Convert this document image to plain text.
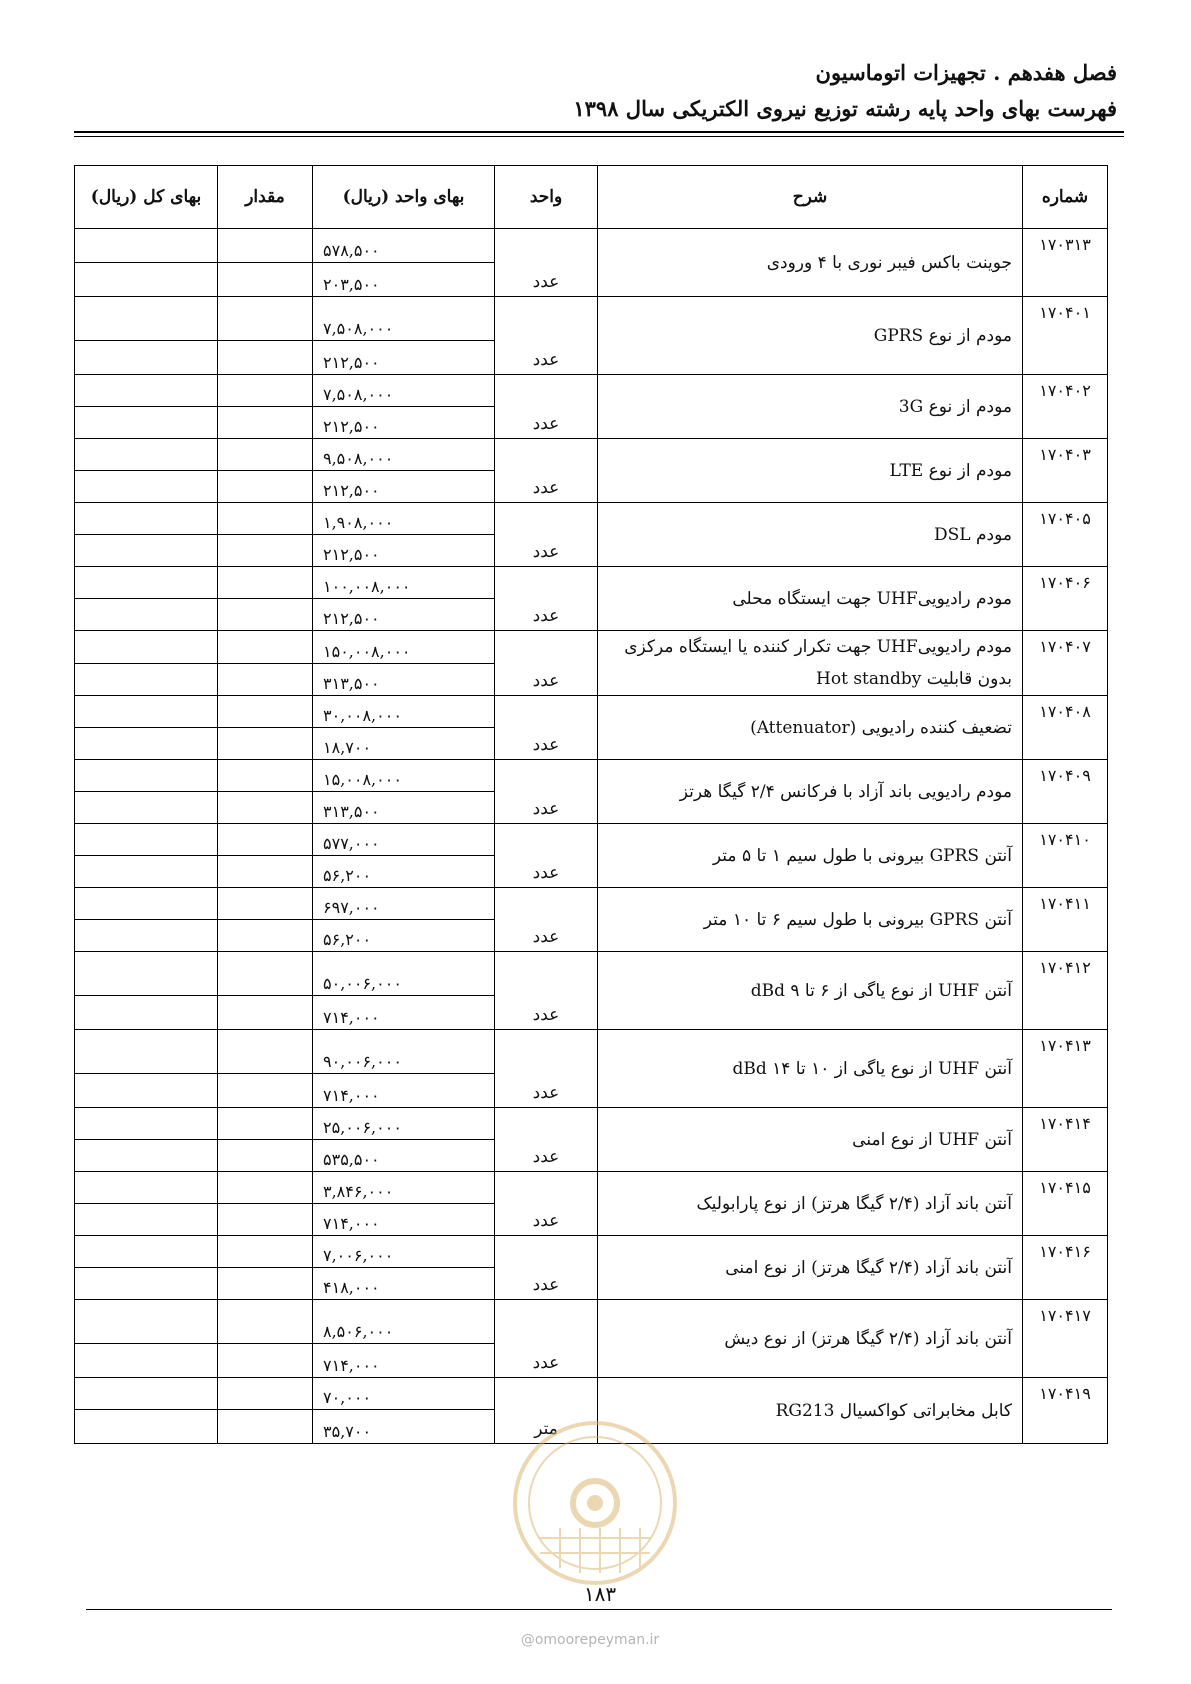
فصل هفدهم . تجهیزات اتوماسیون
فهرست بهای واحد پایه رشته توزیع نیروی الکتریکی سال ۱۳۹۸
شماره	شرح	واحد	بهای واحد (ریال)	مقدار	بهای کل (ریال)
۱۷۰۳۱۳	جوینت باکس فیبر نوری با ۴ ورودی	عدد	۵۷۸,۵۰۰		
			۲۰۳,۵۰۰		
۱۷۰۴۰۱	مودم از نوع GPRS	عدد	۷,۵۰۸,۰۰۰		
			۲۱۲,۵۰۰		
۱۷۰۴۰۲	مودم از نوع 3G	عدد	۷,۵۰۸,۰۰۰		
			۲۱۲,۵۰۰		
۱۷۰۴۰۳	مودم از نوع LTE	عدد	۹,۵۰۸,۰۰۰		
			۲۱۲,۵۰۰		
۱۷۰۴۰۵	مودم DSL	عدد	۱,۹۰۸,۰۰۰		
			۲۱۲,۵۰۰		
۱۷۰۴۰۶	مودم رادیوییUHF جهت ایستگاه محلی	عدد	۱۰۰,۰۰۸,۰۰۰		
			۲۱۲,۵۰۰		
۱۷۰۴۰۷	مودم رادیوییUHF جهت تکرار کننده یا ایستگاه مرکزی بدون قابلیت Hot standby	عدد	۱۵۰,۰۰۸,۰۰۰		
			۳۱۳,۵۰۰		
۱۷۰۴۰۸	تضعیف کننده رادیویی (Attenuator)	عدد	۳۰,۰۰۸,۰۰۰		
			۱۸,۷۰۰		
۱۷۰۴۰۹	مودم رادیویی باند آزاد با فرکانس ۲/۴ گیگا هرتز	عدد	۱۵,۰۰۸,۰۰۰		
			۳۱۳,۵۰۰		
۱۷۰۴۱۰	آنتن GPRS بیرونی با طول سیم ۱ تا ۵ متر	عدد	۵۷۷,۰۰۰		
			۵۶,۲۰۰		
۱۷۰۴۱۱	آنتن GPRS بیرونی با طول سیم ۶ تا ۱۰ متر	عدد	۶۹۷,۰۰۰		
			۵۶,۲۰۰		
۱۷۰۴۱۲	آنتن UHF از نوع یاگی از ۶ تا ۹ dBd	عدد	۵۰,۰۰۶,۰۰۰		
			۷۱۴,۰۰۰		
۱۷۰۴۱۳	آنتن UHF از نوع یاگی از ۱۰ تا ۱۴ dBd	عدد	۹۰,۰۰۶,۰۰۰		
			۷۱۴,۰۰۰		
۱۷۰۴۱۴	آنتن UHF از نوع امنی	عدد	۲۵,۰۰۶,۰۰۰		
			۵۳۵,۵۰۰		
۱۷۰۴۱۵	آنتن باند آزاد (۲/۴ گیگا هرتز) از نوع پارابولیک	عدد	۳,۸۴۶,۰۰۰		
			۷۱۴,۰۰۰		
۱۷۰۴۱۶	آنتن باند آزاد (۲/۴ گیگا هرتز) از نوع امنی	عدد	۷,۰۰۶,۰۰۰		
			۴۱۸,۰۰۰		
۱۷۰۴۱۷	آنتن باند آزاد (۲/۴ گیگا هرتز) از نوع دیش	عدد	۸,۵۰۶,۰۰۰		
			۷۱۴,۰۰۰		
۱۷۰۴۱۹	کابل مخابراتی کواکسیال RG213	متر	۷۰,۰۰۰		
			۳۵,۷۰۰		
۱۸۳
@omoorepeyman.ir
